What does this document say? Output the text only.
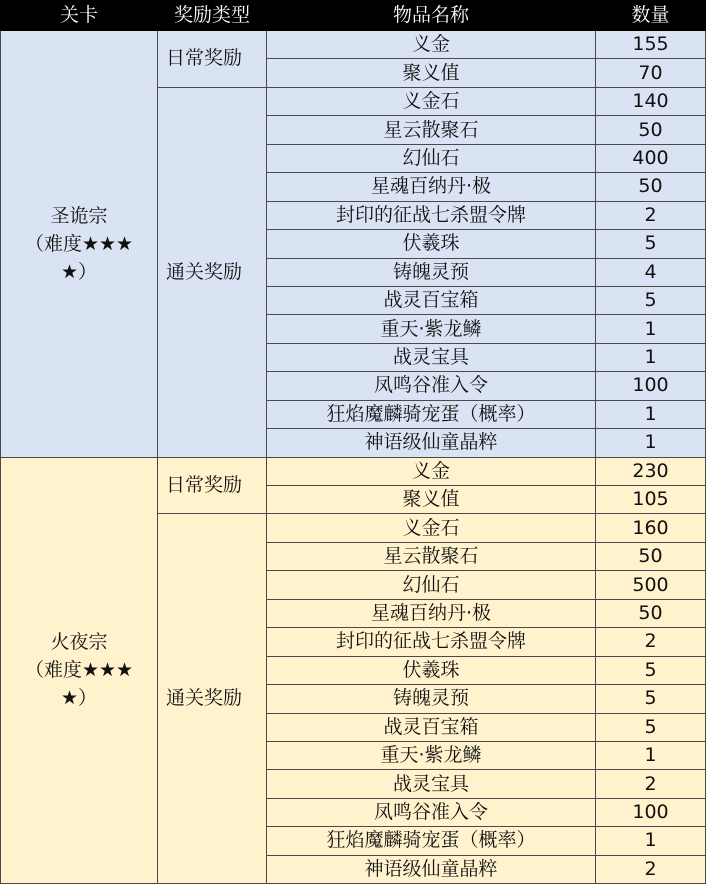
关卡	奖励类型	物品名称	数量

圣诡宗
（难度★★★
★）	日常奖励	义金	155
		聚义值	70
	通关奖励	义金石	140
		星云散聚石	50
		幻仙石	400
		星魂百纳丹·极	50
		封印的征战七杀盟令牌	2
		伏羲珠	5
		铸魄灵预	4
		战灵百宝箱	5
		重天·紫龙鳞	1
		战灵宝具	1
		凤鸣谷准入令	100
		狂焰魔麟骑宠蛋（概率）	1
		神语级仙童晶粹	1

火夜宗
（难度★★★
★）	日常奖励	义金	230
		聚义值	105
	通关奖励	义金石	160
		星云散聚石	50
		幻仙石	500
		星魂百纳丹·极	50
		封印的征战七杀盟令牌	2
		伏羲珠	5
		铸魄灵预	5
		战灵百宝箱	5
		重天·紫龙鳞	1
		战灵宝具	2
		凤鸣谷准入令	100
		狂焰魔麟骑宠蛋（概率）	1
		神语级仙童晶粹	2
